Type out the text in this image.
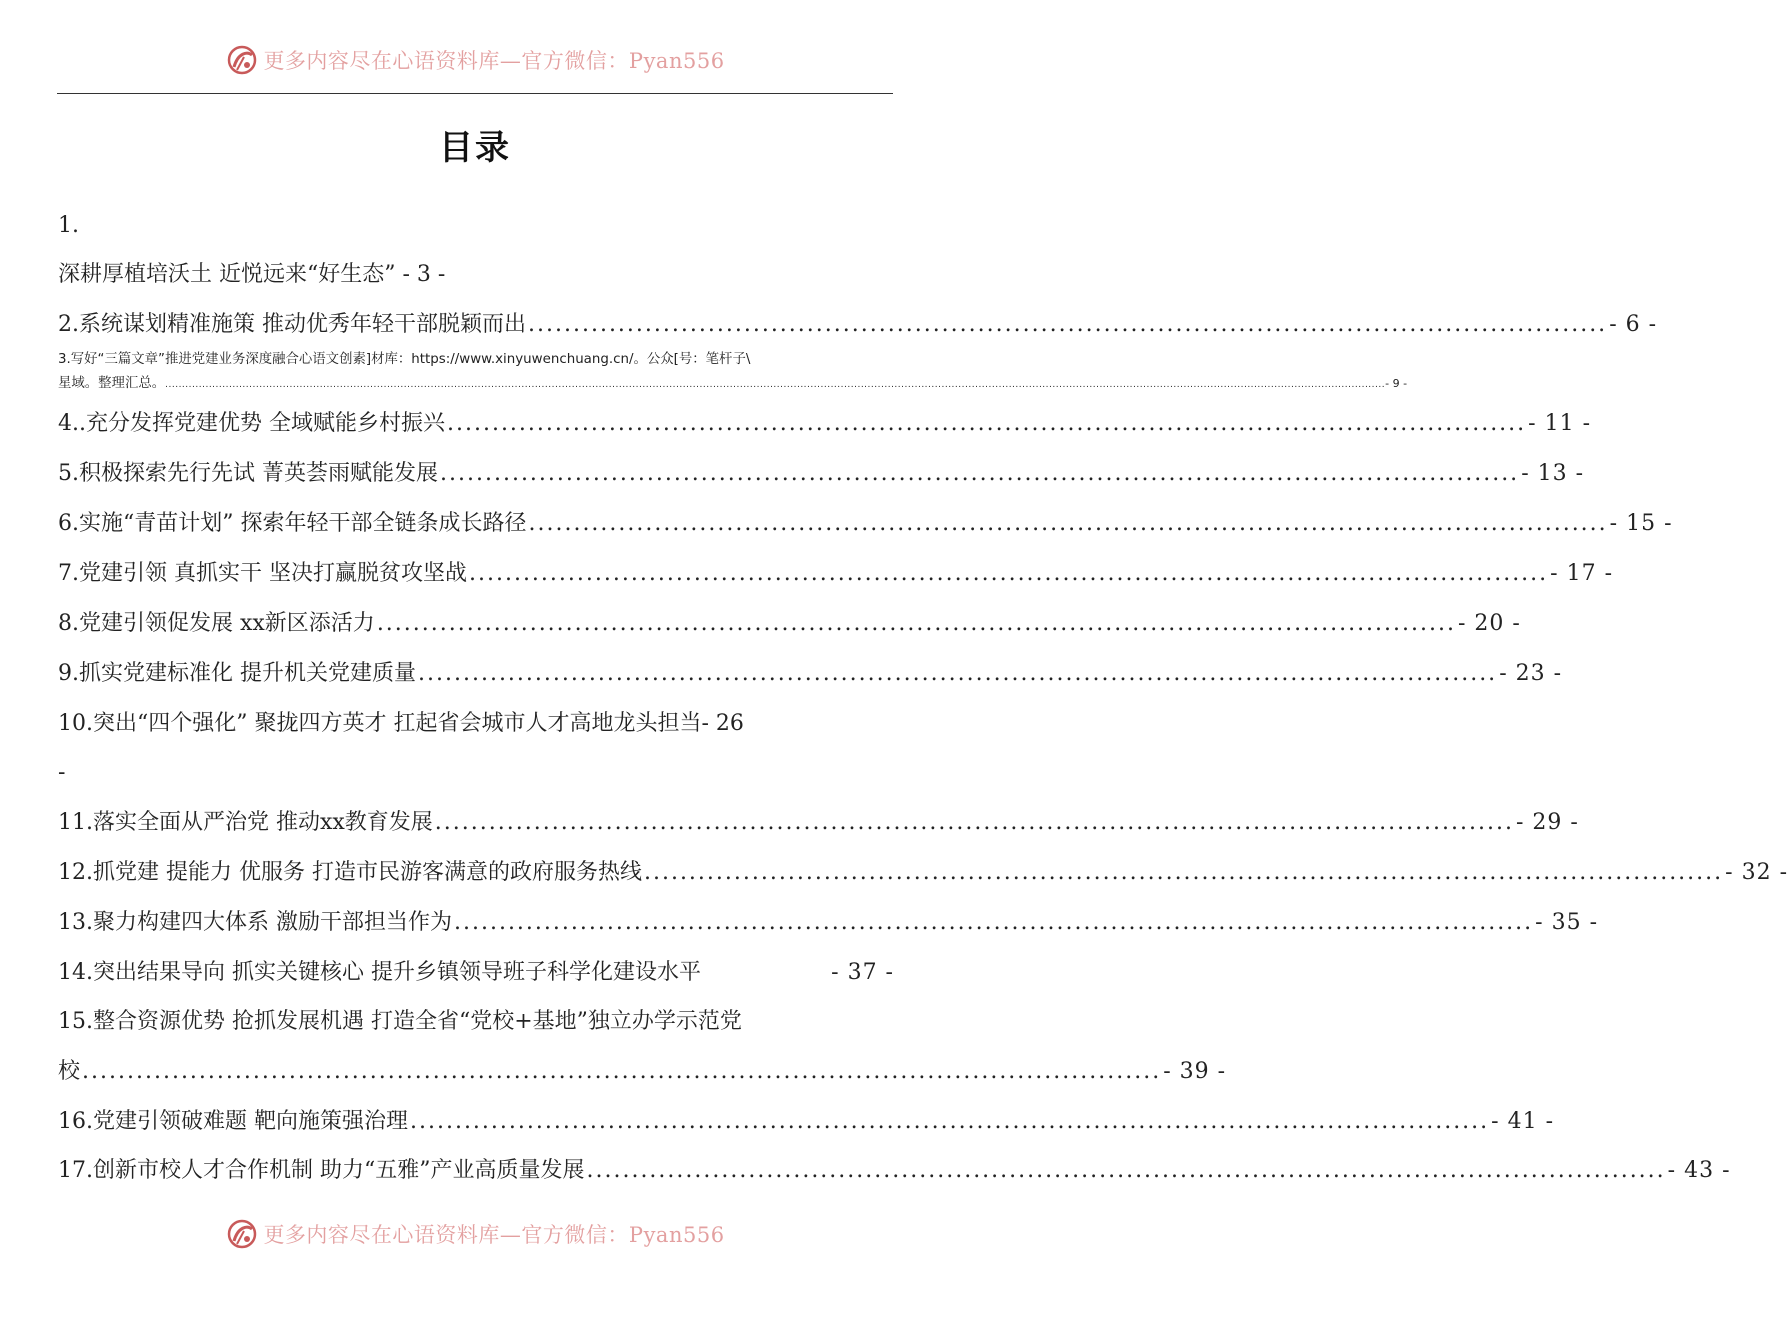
更多内容尽在心语资料库—官方微信：Pyan556
目录
1.
深耕厚植培沃土 近悦远来“好生态” - 3 -
2.系统谋划精准施策 推动优秀年轻干部脱颖而出 ........................................................................................................................ - 6 -
3.写好“三篇文章”推进党建业务深度融合心语文创素]材库：https://www.xinyuwenchuang.cn/。公众[号：笔杆子\
星域。整理汇总。 ........................................................................................................................................................................................................................................................................................................................................................................... - 9 -
4..充分发挥党建优势 全域赋能乡村振兴 ........................................................................................................................ - 11 -
5.积极探索先行先试 菁英荟雨赋能发展 ........................................................................................................................ - 13 -
6.实施“青苗计划” 探索年轻干部全链条成长路径 ........................................................................................................................ - 15 -
7.党建引领 真抓实干 坚决打赢脱贫攻坚战 ........................................................................................................................ - 17 -
8.党建引领促发展 xx新区添活力 ........................................................................................................................ - 20 -
9.抓实党建标准化 提升机关党建质量 ........................................................................................................................ - 23 -
10.突出“四个强化” 聚拢四方英才 扛起省会城市人才高地龙头担当- 26
-
11.落实全面从严治党 推动xx教育发展 ........................................................................................................................ - 29 -
12.抓党建 提能力 优服务 打造市民游客满意的政府服务热线 ........................................................................................................................ - 32 -
13.聚力构建四大体系 激励干部担当作为 ........................................................................................................................ - 35 -
14.突出结果导向 抓实关键核心 提升乡镇领导班子科学化建设水平	- 37 -
15.整合资源优势 抢抓发展机遇 打造全省“党校+基地”独立办学示范党
校 ........................................................................................................................ - 39 -
16.党建引领破难题 靶向施策强治理 ........................................................................................................................ - 41 -
17.创新市校人才合作机制 助力“五雅”产业高质量发展 ........................................................................................................................ - 43 -
更多内容尽在心语资料库—官方微信：Pyan556
